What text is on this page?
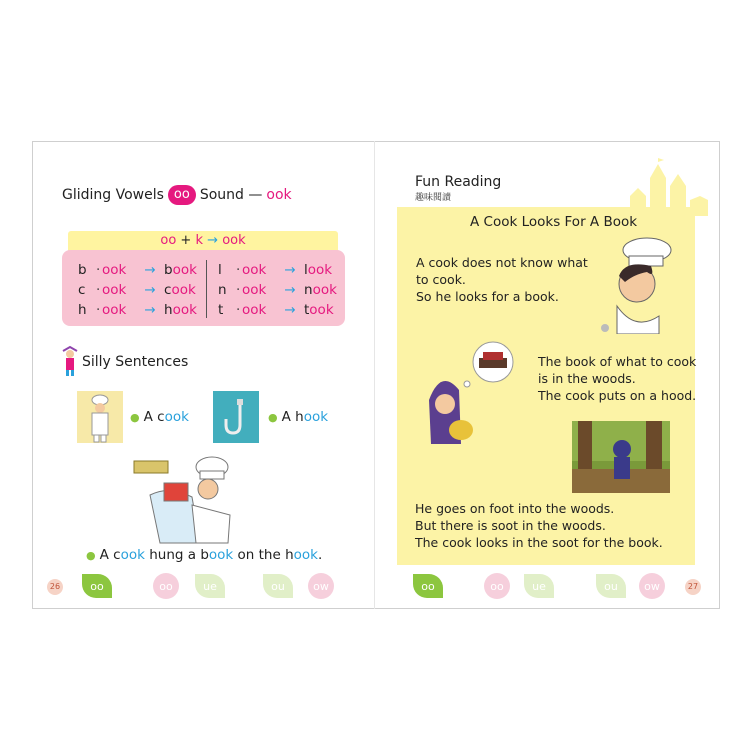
Gliding Vowels oo Sound — ook
oo + k → ook
b · ook → book
c · ook → cook
h · ook → hook
l · ook → look
n · ook → nook
t · ook → took
Silly Sentences
● A cook	● A hook
● A cook hung a book on the hook.
26	oo	oo	ue	ou	ow
Fun Reading
趣味閱讀
A Cook Looks For A Book
A cook does not know what
to cook.
So he looks for a book.
The book of what to cook
is in the woods.
The cook puts on a hood.
He goes on foot into the woods.
But there is soot in the woods.
The cook looks in the soot for the book.
oo	oo	ue	ou	ow	27
